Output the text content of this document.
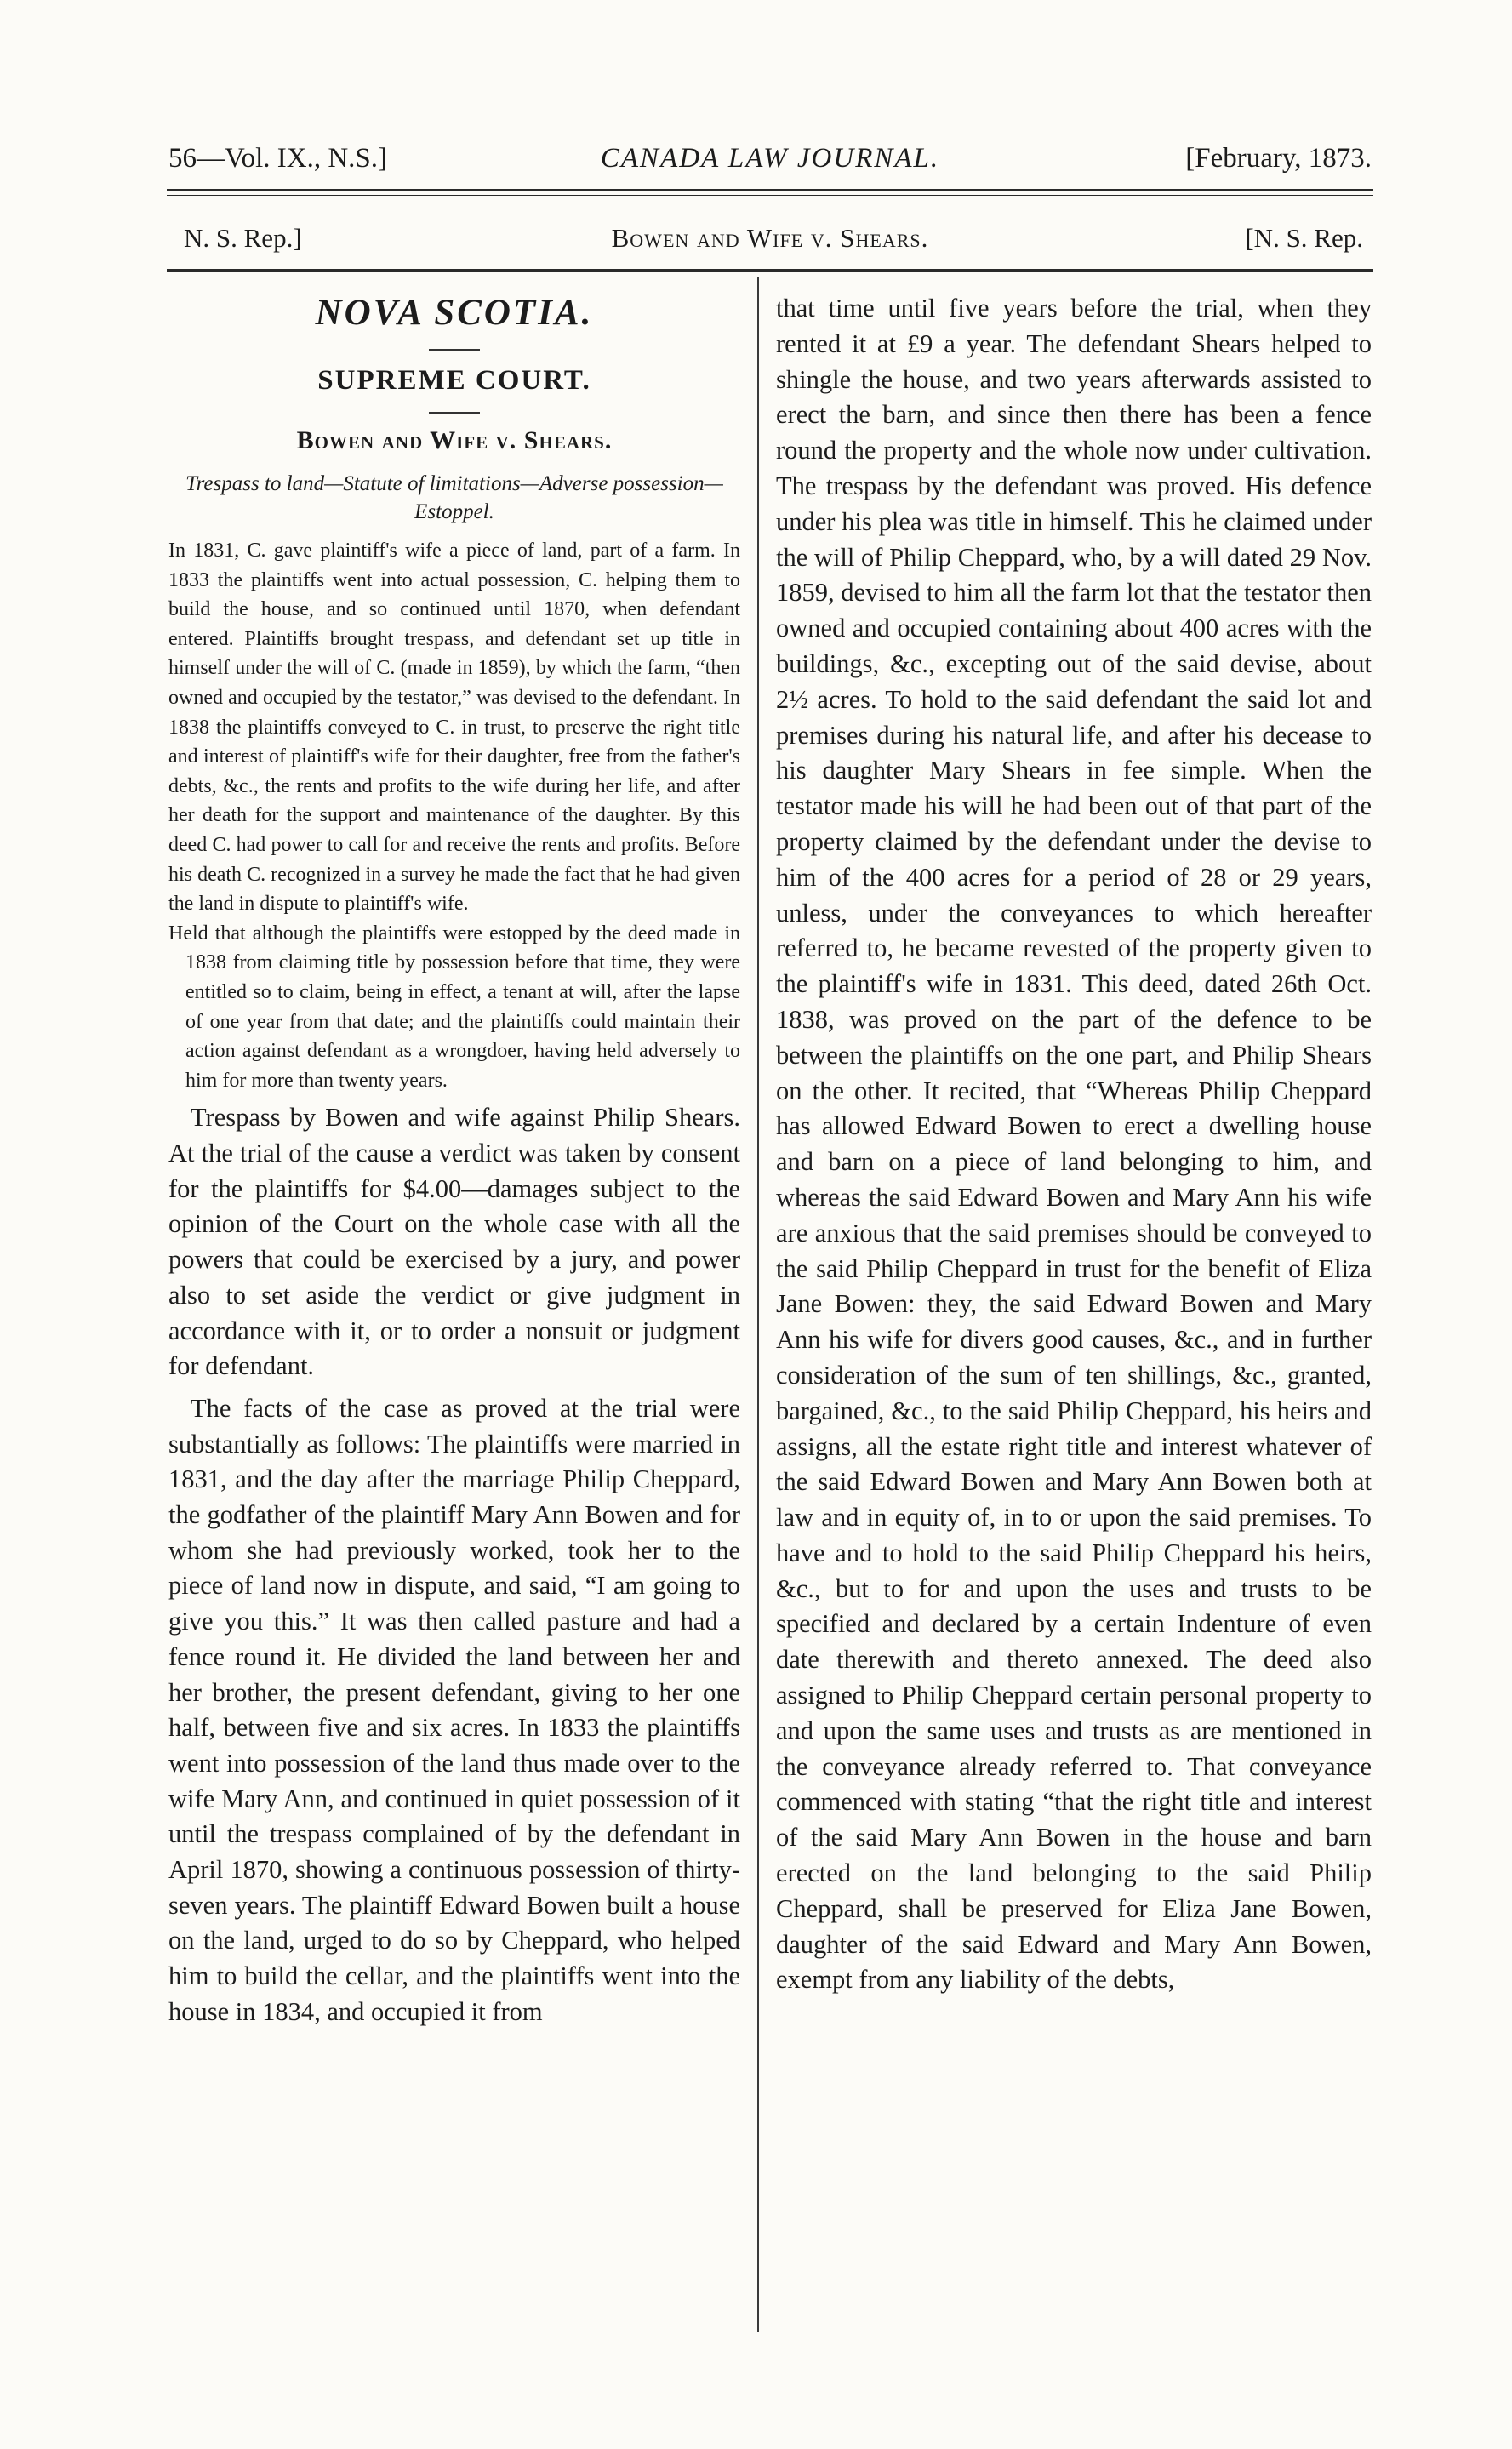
56—Vol. IX., N.S.]	CANADA LAW JOURNAL.	[February, 1873.
N. S. Rep.]	Bowen and Wife v. Shears.	[N. S. Rep.
NOVA SCOTIA.
SUPREME COURT.
Bowen and Wife v. Shears.
Trespass to land—Statute of limitations—Adverse possession—Estoppel.

In 1831, C. gave plaintiff's wife a piece of land, part of a farm. In 1833 the plaintiffs went into actual possession, C. helping them to build the house, and so continued until 1870, when defendant entered. Plaintiffs brought trespass, and defendant set up title in himself under the will of C. (made in 1859), by which the farm, “then owned and occupied by the testator,” was devised to the defendant. In 1838 the plaintiffs conveyed to C. in trust, to preserve the right title and interest of plaintiff's wife for their daughter, free from the father's debts, &c., the rents and profits to the wife during her life, and after her death for the support and maintenance of the daughter. By this deed C. had power to call for and receive the rents and profits. Before his death C. recognized in a survey he made the fact that he had given the land in dispute to plaintiff's wife.

Held that although the plaintiffs were estopped by the deed made in 1838 from claiming title by possession before that time, they were entitled so to claim, being in effect, a tenant at will, after the lapse of one year from that date; and the plaintiffs could maintain their action against defendant as a wrongdoer, having held adversely to him for more than twenty years.

Trespass by Bowen and wife against Philip Shears. At the trial of the cause a verdict was taken by consent for the plaintiffs for $4.00—damages subject to the opinion of the Court on the whole case with all the powers that could be exercised by a jury, and power also to set aside the verdict or give judgment in accordance with it, or to order a nonsuit or judgment for defendant.

The facts of the case as proved at the trial were substantially as follows: The plaintiffs were married in 1831, and the day after the marriage Philip Cheppard, the godfather of the plaintiff Mary Ann Bowen and for whom she had previously worked, took her to the piece of land now in dispute, and said, “I am going to give you this.” It was then called pasture and had a fence round it. He divided the land between her and her brother, the present defendant, giving to her one half, between five and six acres. In 1833 the plaintiffs went into possession of the land thus made over to the wife Mary Ann, and continued in quiet possession of it until the trespass complained of by the defendant in April 1870, showing a continuous possession of thirty-seven years. The plaintiff Edward Bowen built a house on the land, urged to do so by Cheppard, who helped him to build the cellar, and the plaintiffs went into the house in 1834, and occupied it from

that time until five years before the trial, when they rented it at £9 a year. The defendant Shears helped to shingle the house, and two years afterwards assisted to erect the barn, and since then there has been a fence round the property and the whole now under cultivation. The trespass by the defendant was proved. His defence under his plea was title in himself. This he claimed under the will of Philip Cheppard, who, by a will dated 29 Nov. 1859, devised to him all the farm lot that the testator then owned and occupied containing about 400 acres with the buildings, &c., excepting out of the said devise, about 2½ acres. To hold to the said defendant the said lot and premises during his natural life, and after his decease to his daughter Mary Shears in fee simple. When the testator made his will he had been out of that part of the property claimed by the defendant under the devise to him of the 400 acres for a period of 28 or 29 years, unless, under the conveyances to which hereafter referred to, he became revested of the property given to the plaintiff's wife in 1831. This deed, dated 26th Oct. 1838, was proved on the part of the defence to be between the plaintiffs on the one part, and Philip Shears on the other. It recited, that “Whereas Philip Cheppard has allowed Edward Bowen to erect a dwelling house and barn on a piece of land belonging to him, and whereas the said Edward Bowen and Mary Ann his wife are anxious that the said premises should be conveyed to the said Philip Cheppard in trust for the benefit of Eliza Jane Bowen: they, the said Edward Bowen and Mary Ann his wife for divers good causes, &c., and in further consideration of the sum of ten shillings, &c., granted, bargained, &c., to the said Philip Cheppard, his heirs and assigns, all the estate right title and interest whatever of the said Edward Bowen and Mary Ann Bowen both at law and in equity of, in to or upon the said premises. To have and to hold to the said Philip Cheppard his heirs, &c., but to for and upon the uses and trusts to be specified and declared by a certain Indenture of even date therewith and thereto annexed. The deed also assigned to Philip Cheppard certain personal property to and upon the same uses and trusts as are mentioned in the conveyance already referred to. That conveyance commenced with stating “that the right title and interest of the said Mary Ann Bowen in the house and barn erected on the land belonging to the said Philip Cheppard, shall be preserved for Eliza Jane Bowen, daughter of the said Edward and Mary Ann Bowen, exempt from any liability of the debts,
